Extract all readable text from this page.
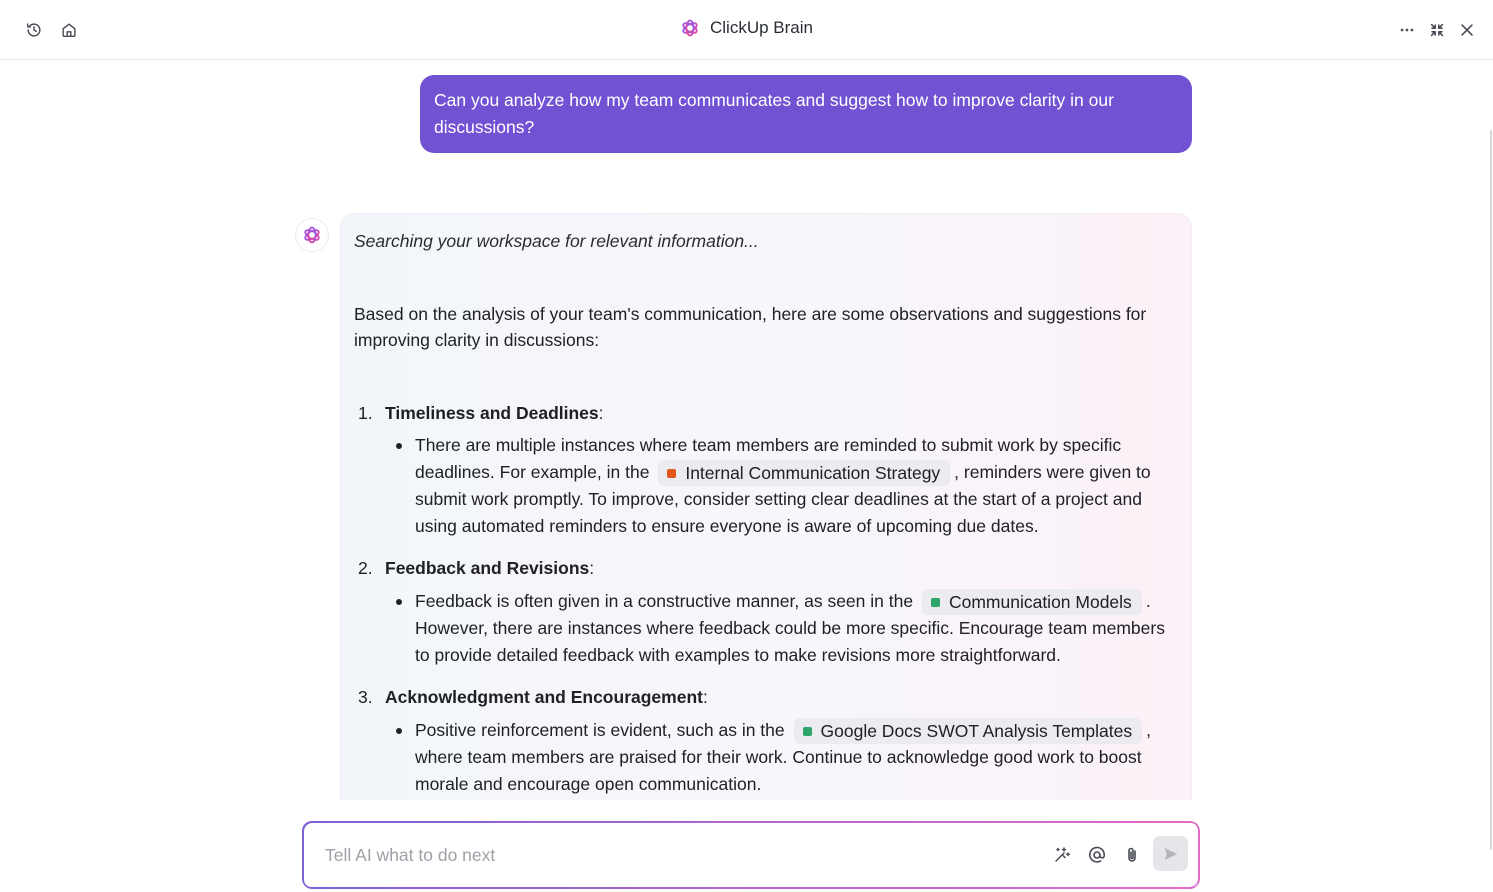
ClickUp Brain
Can you analyze how my team communicates and suggest how to improve clarity in our discussions?

Searching your workspace for relevant information...

Based on the analysis of your team's communication, here are some observations and suggestions for improving clarity in discussions:

1. Timeliness and Deadlines:
There are multiple instances where team members are reminded to submit work by specific deadlines. For example, in the Internal Communication Strategy , reminders were given to submit work promptly. To improve, consider setting clear deadlines at the start of a project and using automated reminders to ensure everyone is aware of upcoming due dates.
2. Feedback and Revisions:
Feedback is often given in a constructive manner, as seen in the Communication Models . However, there are instances where feedback could be more specific. Encourage team members to provide detailed feedback with examples to make revisions more straightforward.
3. Acknowledgment and Encouragement:
Positive reinforcement is evident, such as in the Google Docs SWOT Analysis Templates , where team members are praised for their work. Continue to acknowledge good work to boost morale and encourage open communication.
Tell AI what to do next
